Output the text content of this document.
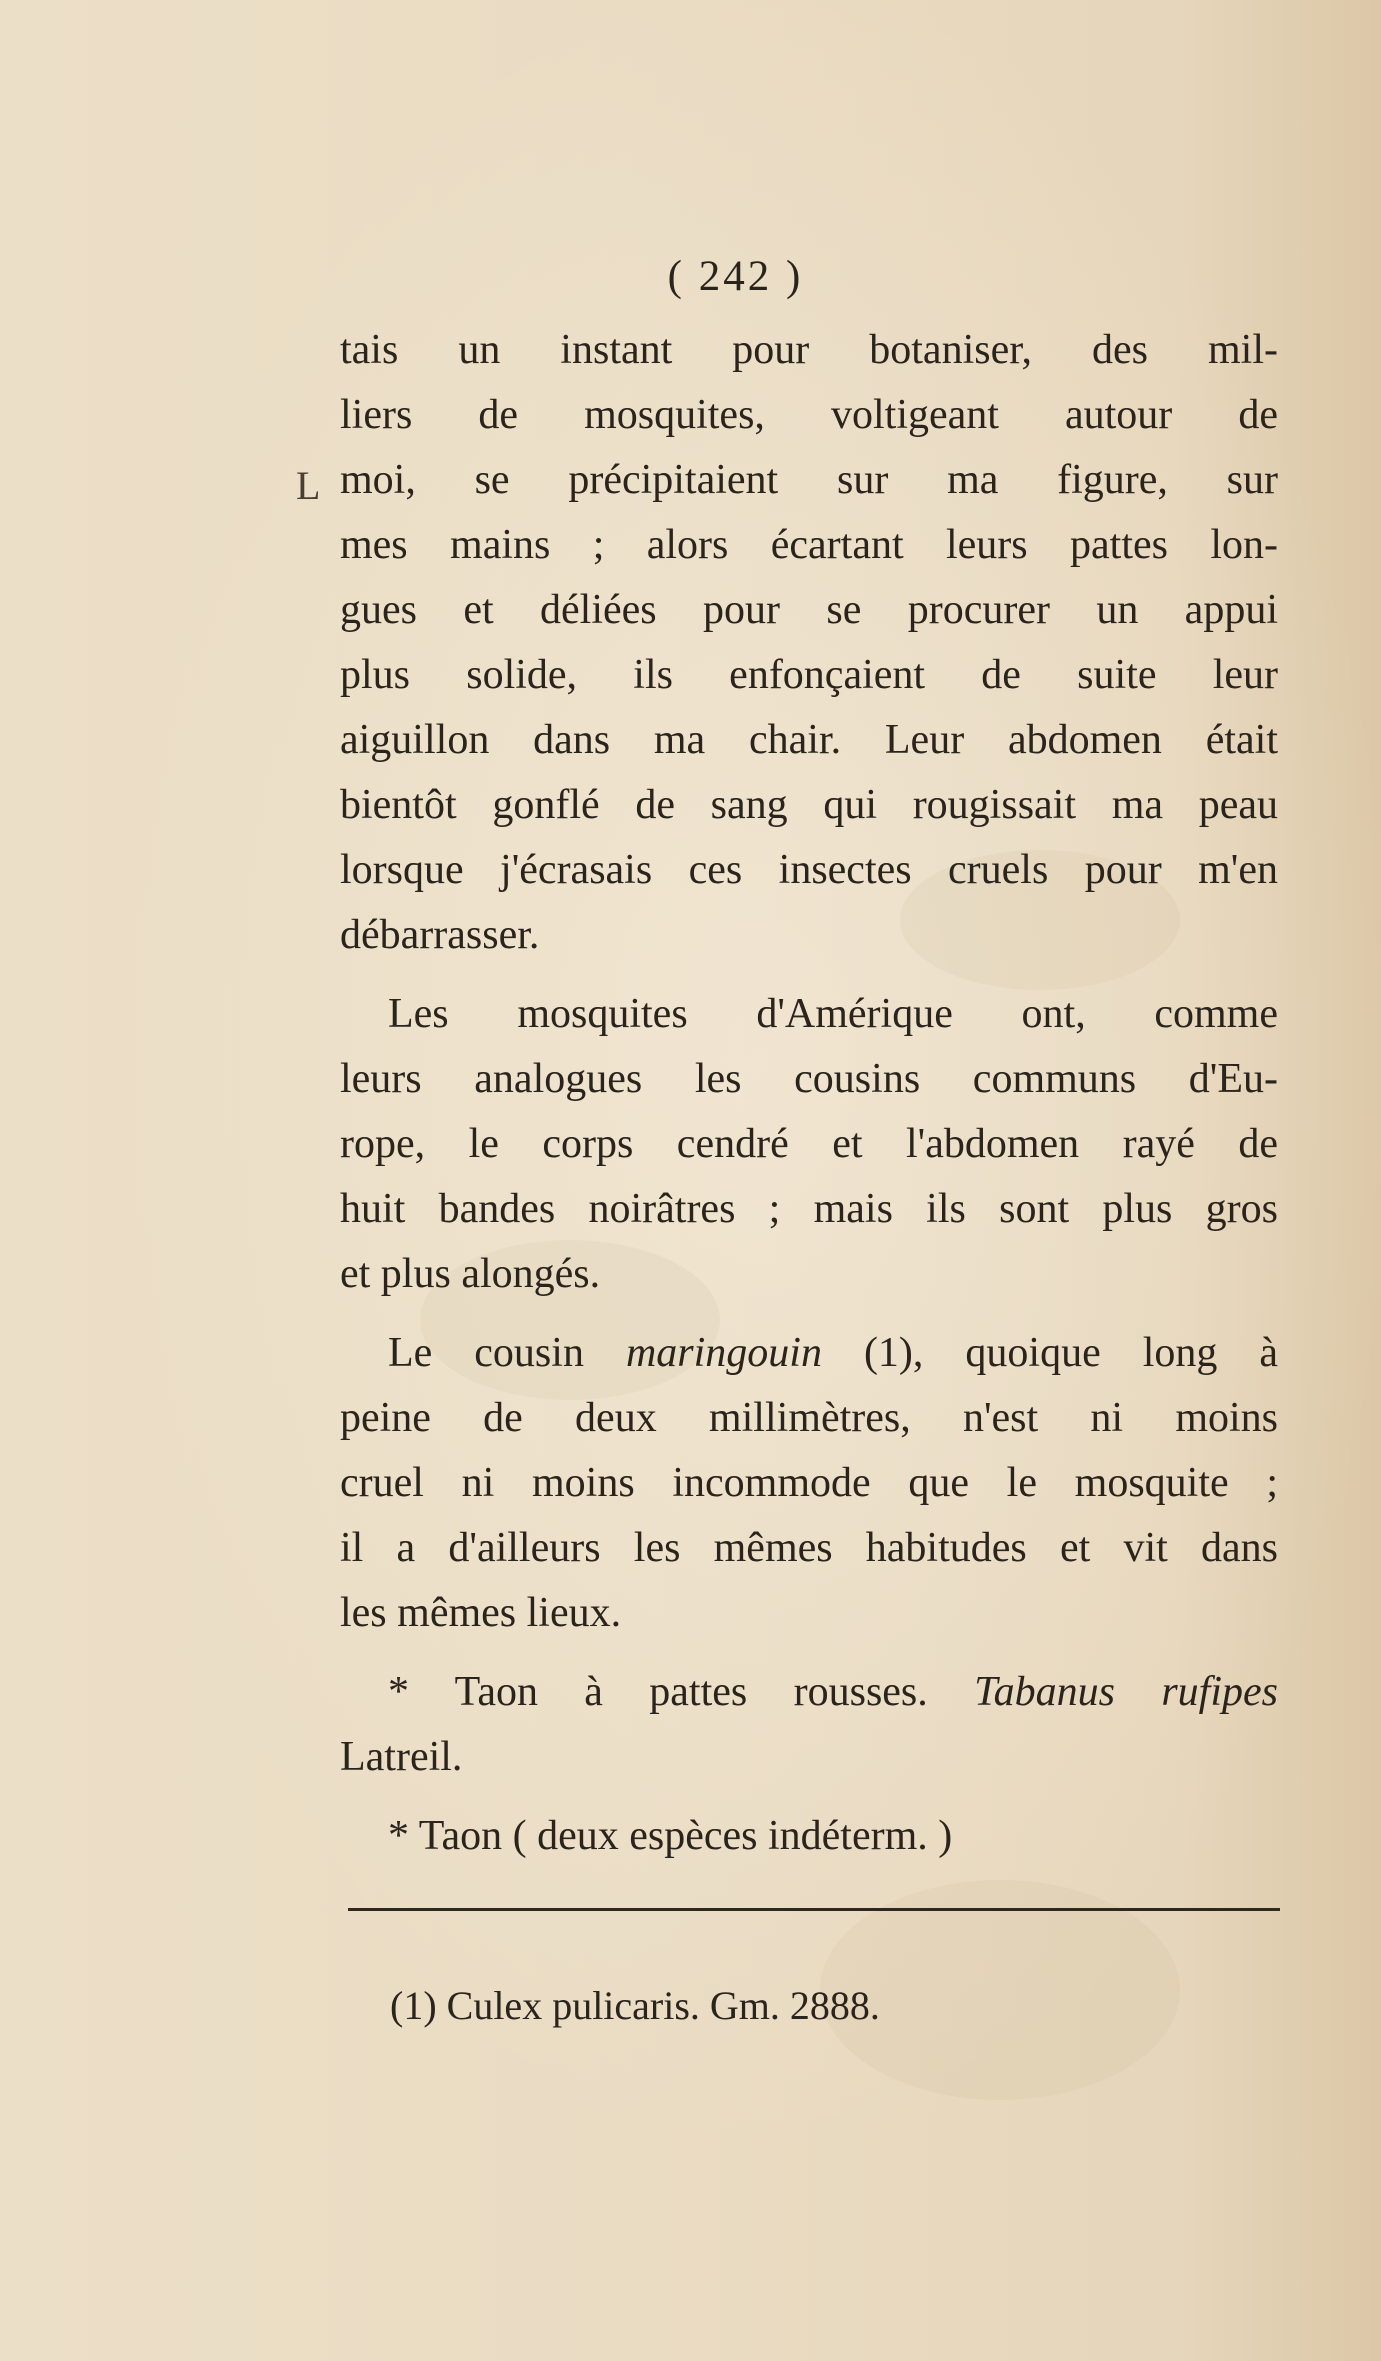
( 242 )
L
tais un instant pour botaniser, des mil-
liers de mosquites, voltigeant autour de
moi, se précipitaient sur ma figure, sur
mes mains ; alors écartant leurs pattes lon-
gues et déliées pour se procurer un appui
plus solide, ils enfonçaient de suite leur
aiguillon dans ma chair. Leur abdomen était
bientôt gonflé de sang qui rougissait ma peau
lorsque j'écrasais ces insectes cruels pour m'en
débarrasser.
Les mosquites d'Amérique ont, comme
leurs analogues les cousins communs d'Eu-
rope, le corps cendré et l'abdomen rayé de
huit bandes noirâtres ; mais ils sont plus gros
et plus alongés.
Le cousin maringouin (1), quoique long à
peine de deux millimètres, n'est ni moins
cruel ni moins incommode que le mosquite ;
il a d'ailleurs les mêmes habitudes et vit dans
les mêmes lieux.
* Taon à pattes rousses. Tabanus rufipes
Latreil.
* Taon ( deux espèces indéterm. )
(1) Culex pulicaris. Gm. 2888.
